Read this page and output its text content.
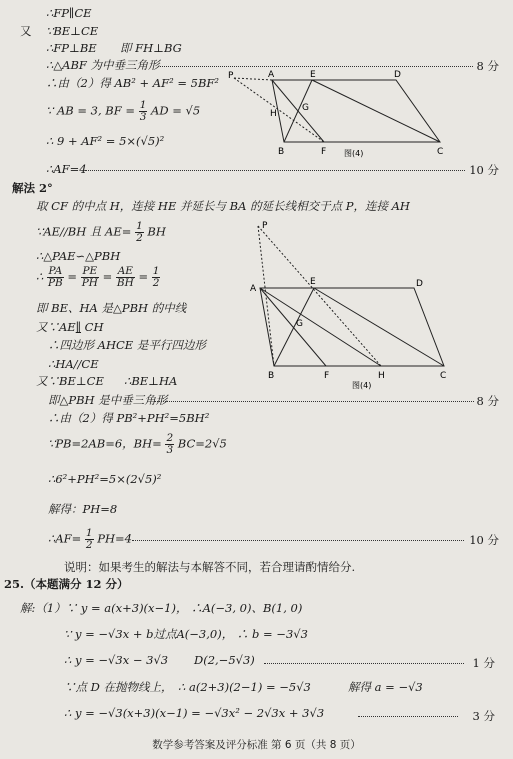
∴FP∥CE
又 ∵BE⊥CE
∴FP⊥BE 即 FH⊥BG
∴△ABF 为中垂三角形	8 分
∴由（2）得 AB² + AF² = 5BF²
∵ AB = 3, BF = $\frac{1}{3}$ AD = √5
∴ 9 + AF² = 5×(√5)²
∴AF=4	10 分
P	A	E	D
G
H
B	F	C
图(4)
解法 2°
取 CF 的中点 H，连接 HE 并延长与 BA 的延长线相交于点 P，连接 AH
∵AE//BH 且 $AE= \frac{1}{2}$ BH
∴△PAE∽△PBH
∴ $\frac{PA}{PB} = \frac{PE}{PH} = \frac{AE}{BH} = \frac{1}{2}$
即 BE、HA 是△PBH 的中线
又∵AE∥ CH
∴四边形 AHCE 是平行四边形
∴HA//CE
又∵BE⊥CE ∴BE⊥HA
即△PBH 是中垂三角形	8 分
∴由（2）得 PB²+PH²=5BH²
∵PB=2AB=6，$BH= \frac{2}{3} BC=2√5$
∴6²+PH²=5×(2√5)²
解得：PH=8
∴AF= $\frac{1}{2} PH=4$	10 分
P
A
E	D
G
B	F	H	C
图(4)
说明：如果考生的解法与本解答不同，若合理请酌情给分.
25.（本题满分 12 分）
解:（1）∵ y = a(x+3)(x−1)， ∴A(−3, 0)、B(1, 0)
∵ y = −√3x + b过点A(−3,0)， ∴ b = −3√3
∴ y = −√3x − 3√3 D(2,−5√3)	1 分
∵点 D 在抛物线上， ∴ a(2+3)(2−1) = −5√3	解得 a = −√3
∴ y = −√3(x+3)(x−1) = −√3x² − 2√3x + 3√3	3 分
数学参考答案及评分标准 第 6 页（共 8 页）
